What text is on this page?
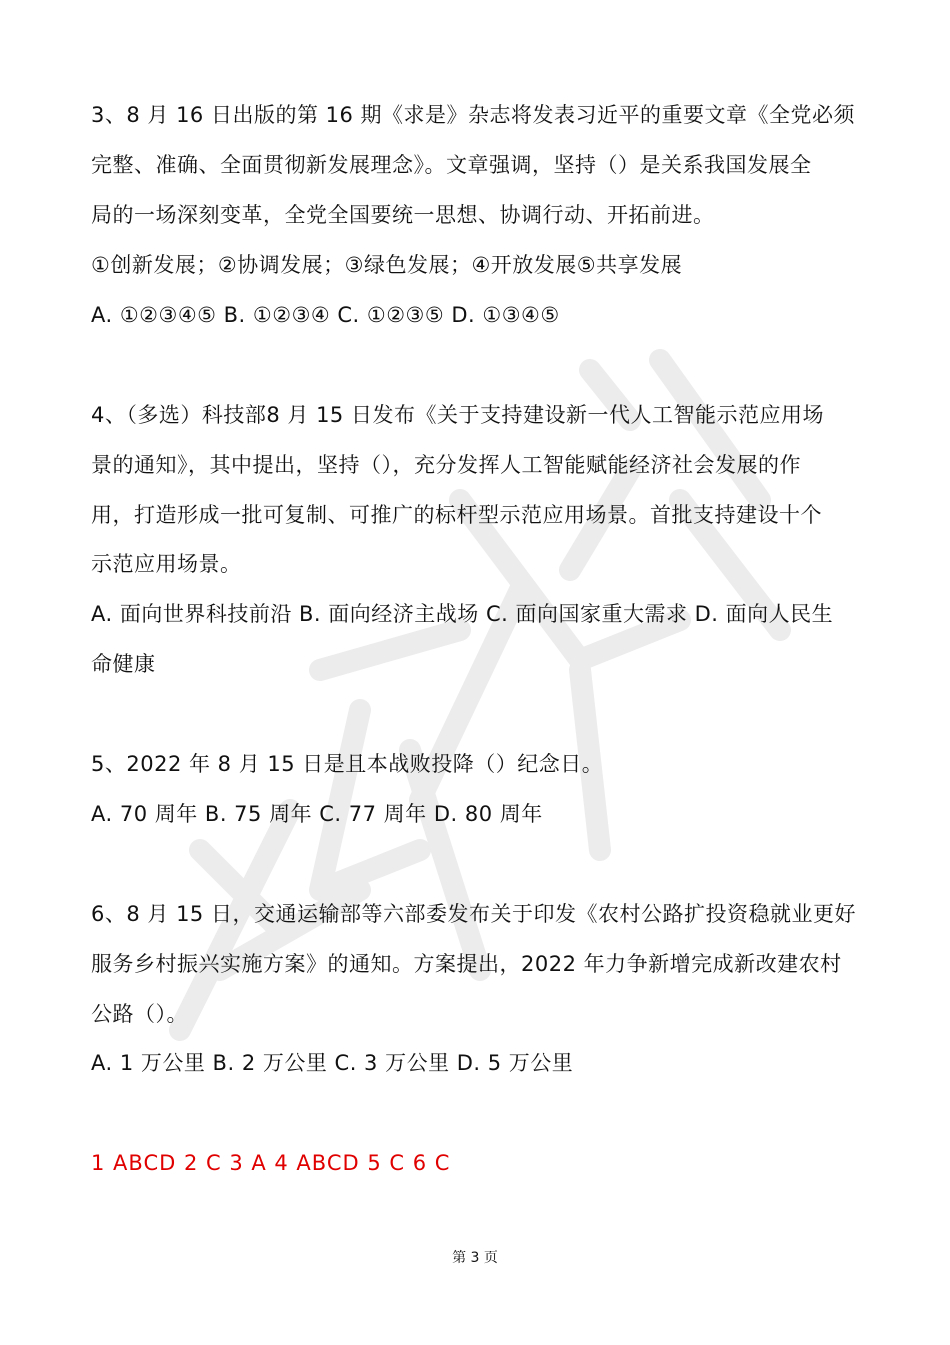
3、8 月 16 日出版的第 16 期《求是》杂志将发表习近平的重要文章《全党必须
完整、准确、全面贯彻新发展理念》。文章强调，坚持（）是关系我国发展全
局的一场深刻变革，全党全国要统一思想、协调行动、开拓前进。
①创新发展；②协调发展；③绿色发展；④开放发展⑤共享发展
A. ①②③④⑤ B. ①②③④ C. ①②③⑤ D. ①③④⑤
4、（多选）科技部8 月 15 日发布《关于支持建设新一代人工智能示范应用场
景的通知》，其中提出，坚持（），充分发挥人工智能赋能经济社会发展的作
用，打造形成一批可复制、可推广的标杆型示范应用场景。首批支持建设十个
示范应用场景。
A. 面向世界科技前沿 B. 面向经济主战场 C. 面向国家重大需求 D. 面向人民生
命健康
5、2022 年 8 月 15 日是且本战败投降（）纪念日。
A. 70 周年 B. 75 周年 C. 77 周年 D. 80 周年
6、8 月 15 日，交通运输部等六部委发布关于印发《农村公路扩投资稳就业更好
服务乡村振兴实施方案》的通知。方案提出，2022 年力争新增完成新改建农村
公路（）。
A. 1 万公里 B. 2 万公里 C. 3 万公里 D. 5 万公里
1 ABCD 2 C 3 A 4 ABCD 5 C 6 C
第 3 页
